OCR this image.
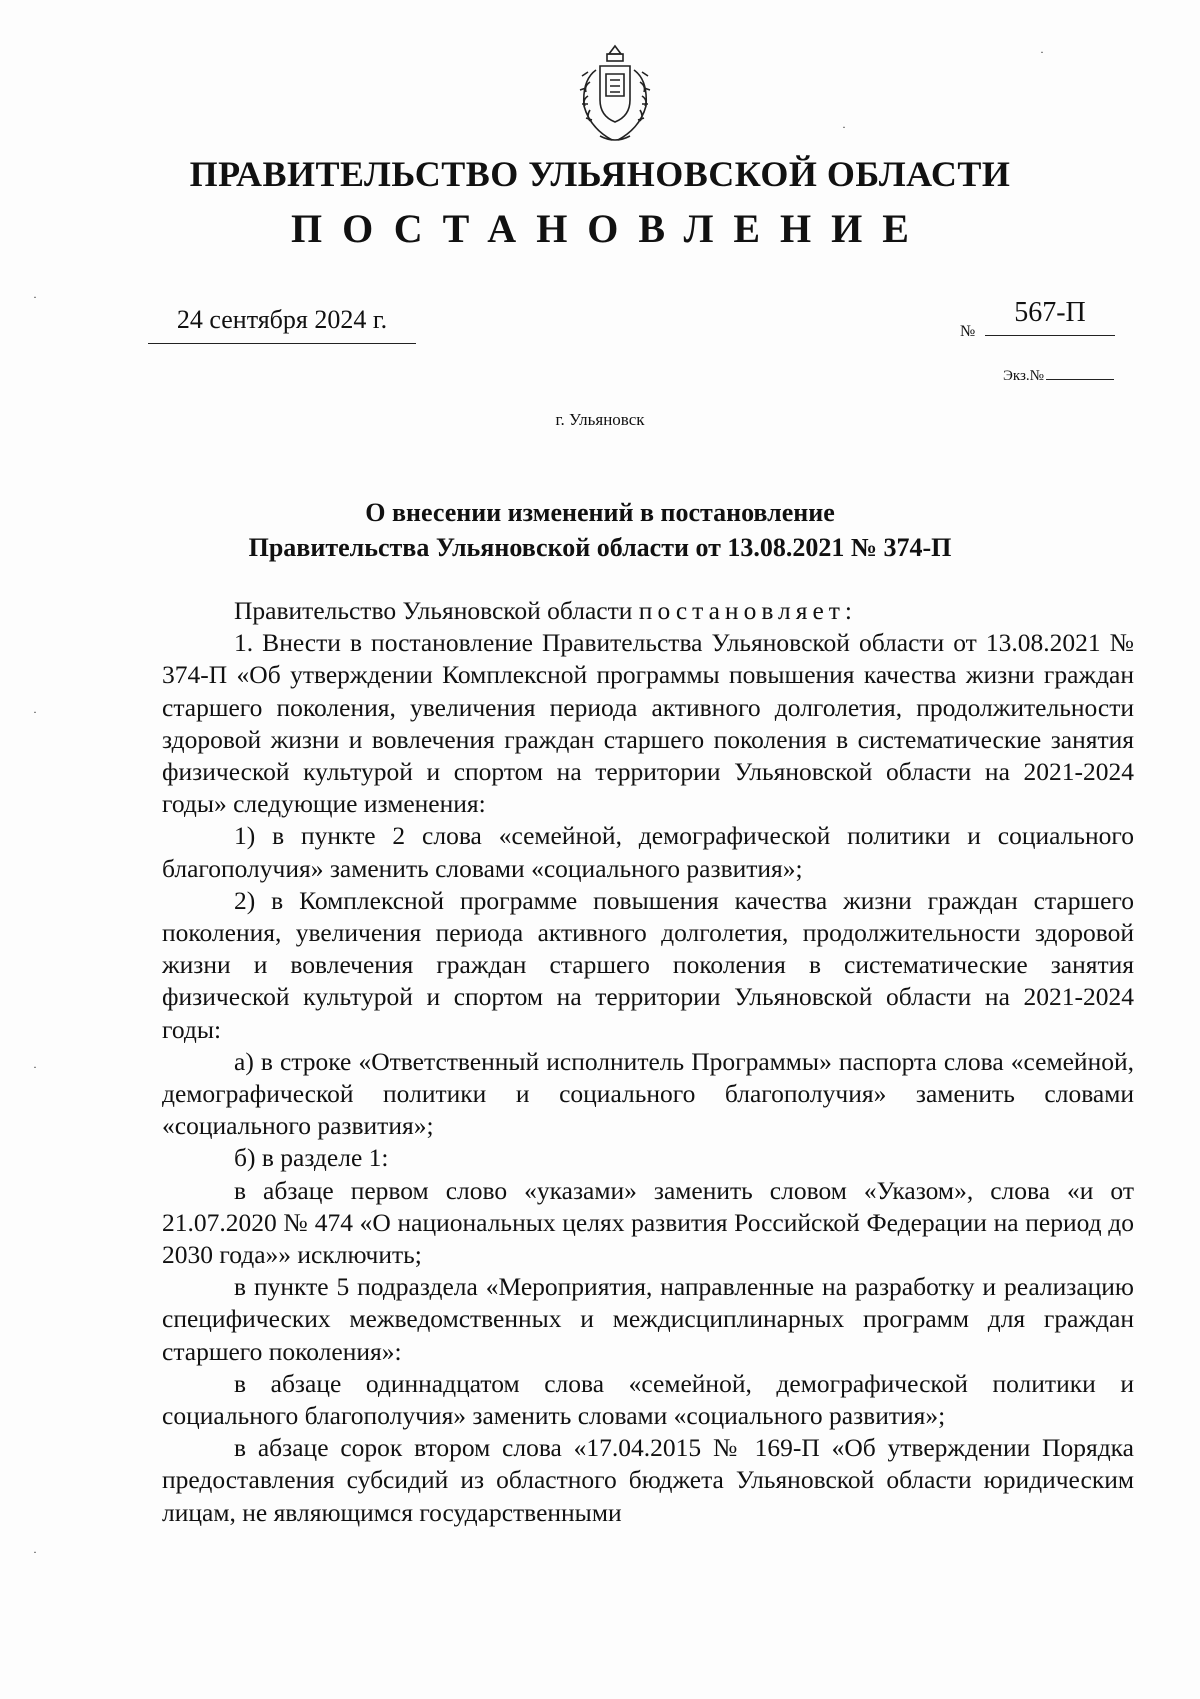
ПРАВИТЕЛЬСТВО УЛЬЯНОВСКОЙ ОБЛАСТИ
ПОСТАНОВЛЕНИЕ
24 сентября 2024 г.	№
567-П
Экз.№
г. Ульяновск
О внесении изменений в постановление
Правительства Ульяновской области от 13.08.2021 № 374-П

Правительство Ульяновской области постановляет:

1. Внести в постановление Правительства Ульяновской области от 13.08.2021 № 374-П «Об утверждении Комплексной программы повышения качества жизни граждан старшего поколения, увеличения периода активного долголетия, продолжительности здоровой жизни и вовлечения граждан старшего поколения в систематические занятия физической культурой и спортом на территории Ульяновской области на 2021-2024 годы» следующие изменения:

1) в пункте 2 слова «семейной, демографической политики и социального благополучия» заменить словами «социального развития»;

2) в Комплексной программе повышения качества жизни граждан старшего поколения, увеличения периода активного долголетия, продолжительности здоровой жизни и вовлечения граждан старшего поколения в систематические занятия физической культурой и спортом на территории Ульяновской области на 2021-2024 годы:

а) в строке «Ответственный исполнитель Программы» паспорта слова «семейной, демографической политики и социального благополучия» заменить словами «социального развития»;

б) в разделе 1:

в абзаце первом слово «указами» заменить словом «Указом», слова «и от 21.07.2020 № 474 «О национальных целях развития Российской Федерации на период до 2030 года»» исключить;

в пункте 5 подраздела «Мероприятия, направленные на разработку и реализацию специфических межведомственных и междисциплинарных программ для граждан старшего поколения»:

в абзаце одиннадцатом слова «семейной, демографической политики и социального благополучия» заменить словами «социального развития»;

в абзаце сорок втором слова «17.04.2015 № 169-П «Об утверждении Порядка предоставления субсидий из областного бюджета Ульяновской области юридическим лицам, не являющимся государственными

·
·
·
·
·
·
